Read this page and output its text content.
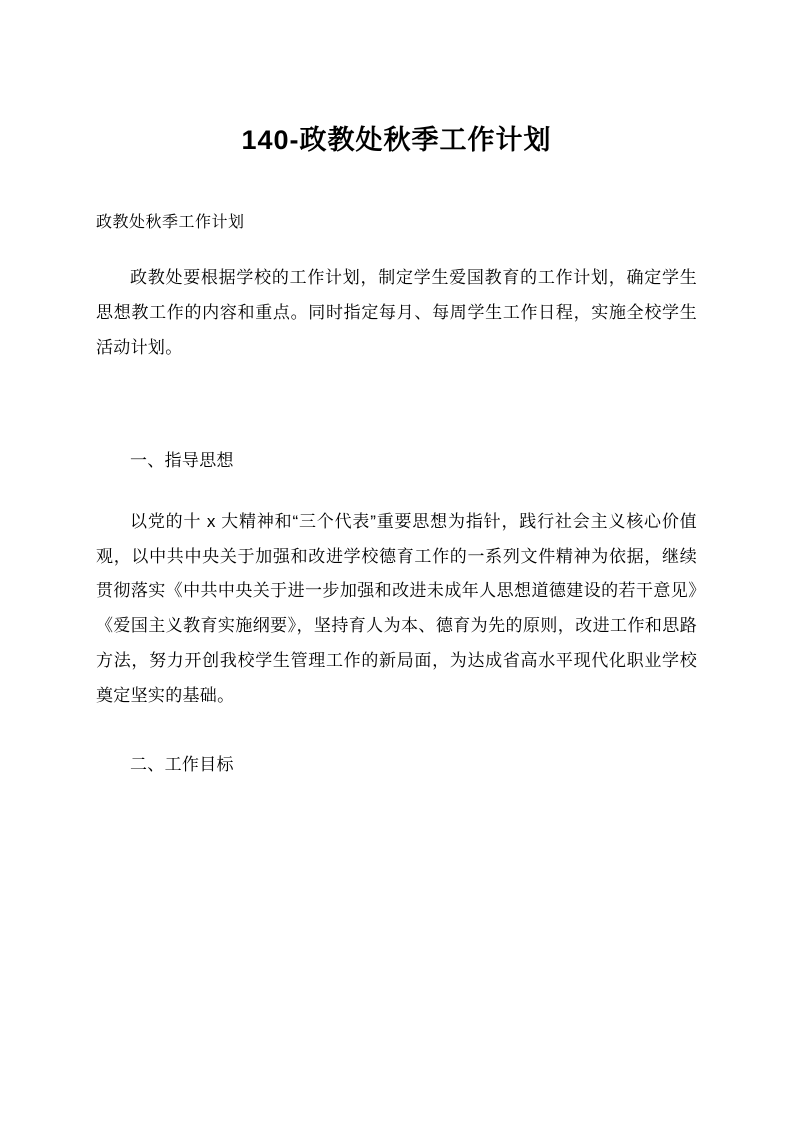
140-政教处秋季工作计划

政教处秋季工作计划

政教处要根据学校的工作计划，制定学生爱国教育的工作计划，确定学生思想教工作的内容和重点。同时指定每月、每周学生工作日程，实施全校学生活动计划。

一、指导思想

以党的十 x 大精神和“三个代表”重要思想为指针，践行社会主义核心价值观，以中共中央关于加强和改进学校德育工作的一系列文件精神为依据，继续贯彻落实《中共中央关于进一步加强和改进未成年人思想道德建设的若干意见》《爱国主义教育实施纲要》，坚持育人为本、德育为先的原则，改进工作和思路方法，努力开创我校学生管理工作的新局面，为达成省高水平现代化职业学校奠定坚实的基础。

二、工作目标
